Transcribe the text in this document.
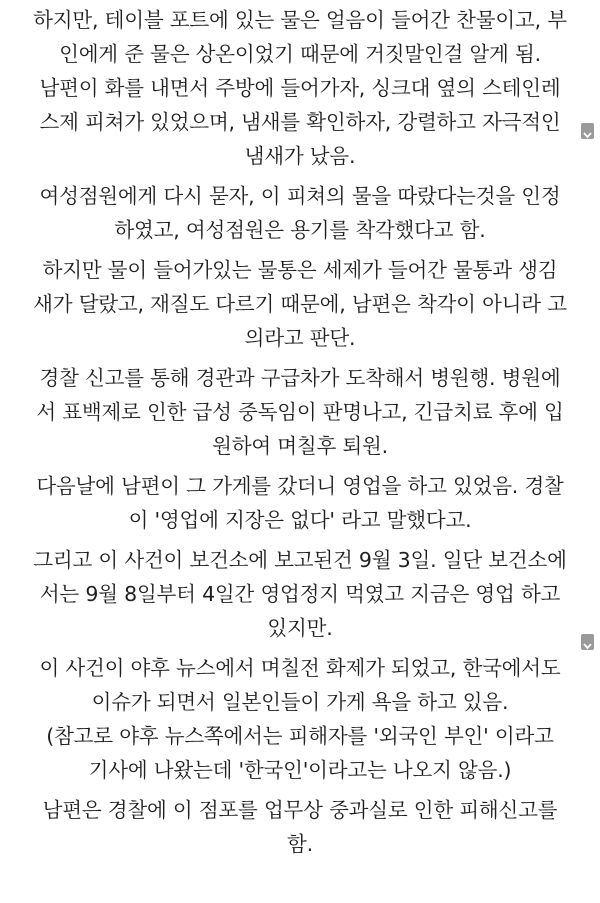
하지만, 테이블 포트에 있는 물은 얼음이 들어간 찬물이고, 부
인에게 준 물은 상온이었기 때문에 거짓말인걸 알게 됨.
남편이 화를 내면서 주방에 들어가자, 싱크대 옆의 스테인레
스제 피쳐가 있었으며, 냄새를 확인하자, 강렬하고 자극적인
냄새가 났음.
여성점원에게 다시 묻자, 이 피쳐의 물을 따랐다는것을 인정
하였고, 여성점원은 용기를 착각했다고 함.
하지만 물이 들어가있는 물통은 세제가 들어간 물통과 생김
새가 달랐고, 재질도 다르기 때문에, 남편은 착각이 아니라 고
의라고 판단.
경찰 신고를 통해 경관과 구급차가 도착해서 병원행. 병원에
서 표백제로 인한 급성 중독임이 판명나고, 긴급치료 후에 입
원하여 며칠후 퇴원.
다음날에 남편이 그 가게를 갔더니 영업을 하고 있었음. 경찰
이 '영업에 지장은 없다' 라고 말했다고.
그리고 이 사건이 보건소에 보고된건 9월 3일. 일단 보건소에
서는 9월 8일부터 4일간 영업정지 먹였고 지금은 영업 하고
있지만.
이 사건이 야후 뉴스에서 며칠전 화제가 되었고, 한국에서도
이슈가 되면서 일본인들이 가게 욕을 하고 있음.
(참고로 야후 뉴스쪽에서는 피해자를 '외국인 부인' 이라고
기사에 나왔는데 '한국인'이라고는 나오지 않음.)
남편은 경찰에 이 점포를 업무상 중과실로 인한 피해신고를
함.
